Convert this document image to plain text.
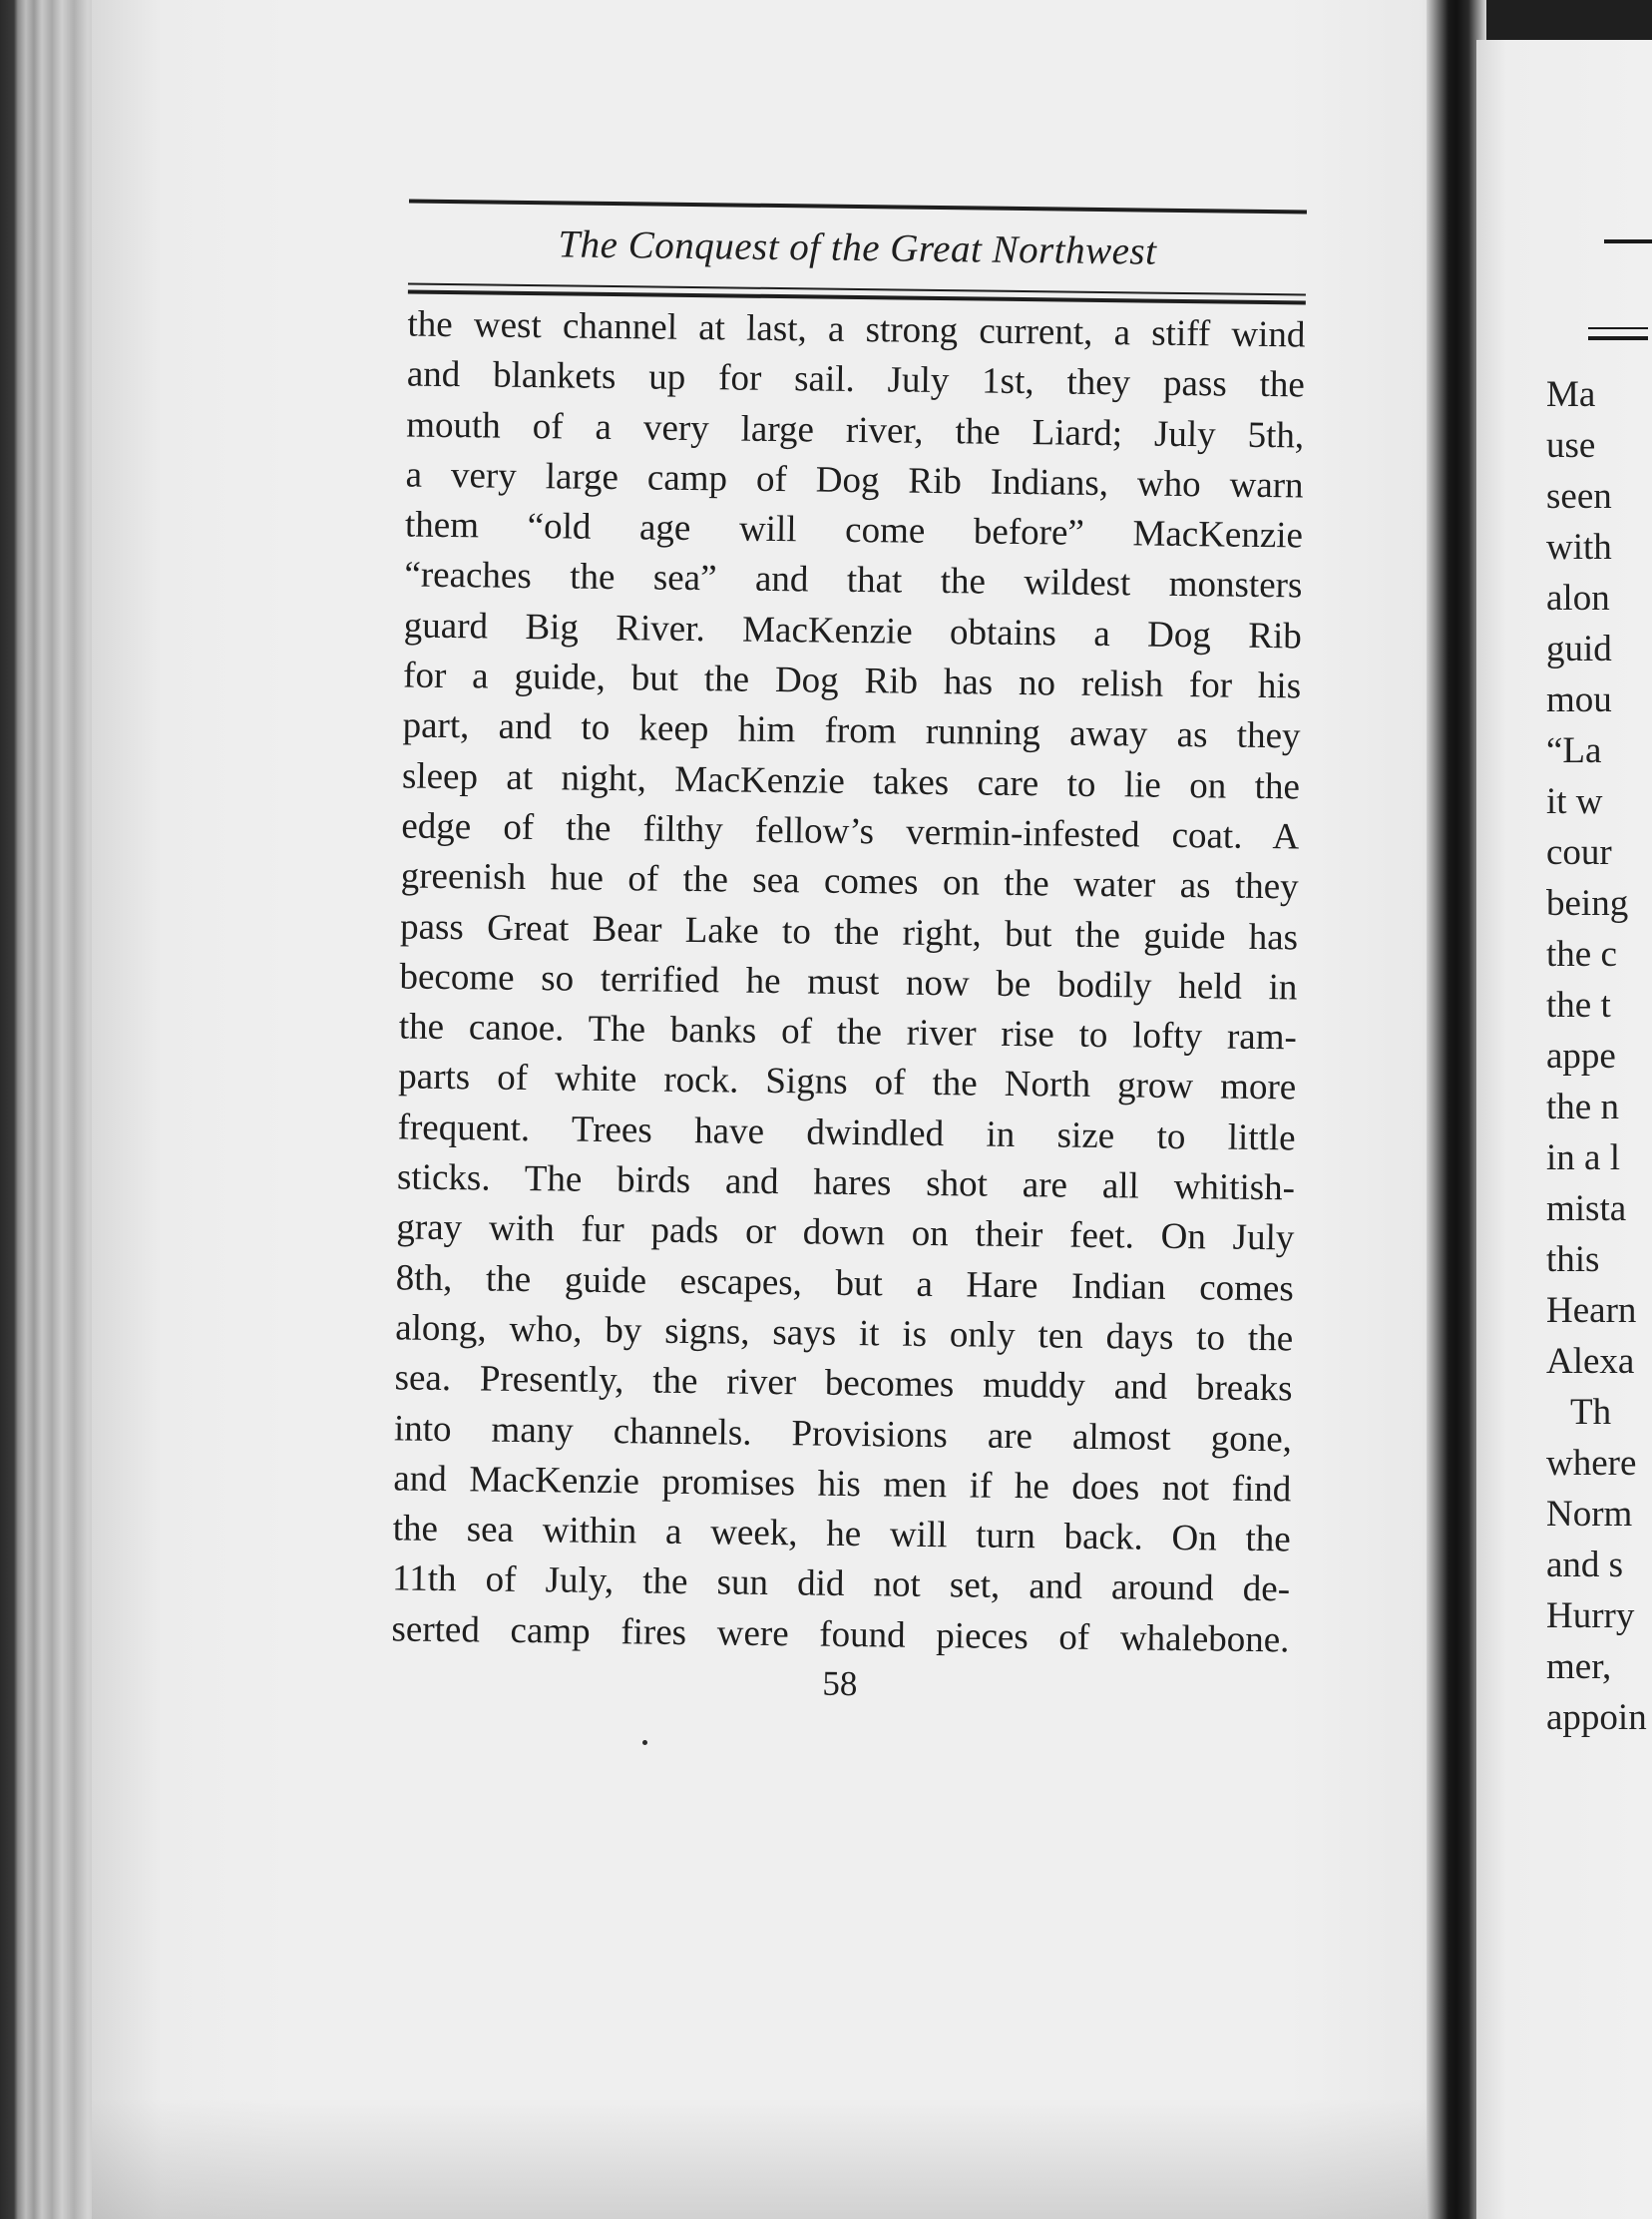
The Conquest of the Great Northwest
the west channel at last, a strong current, a stiff wind
and blankets up for sail. July 1st, they pass the
mouth of a very large river, the Liard; July 5th,
a very large camp of Dog Rib Indians, who warn
them “old age will come before” MacKenzie
“reaches the sea” and that the wildest monsters
guard Big River. MacKenzie obtains a Dog Rib
for a guide, but the Dog Rib has no relish for his
part, and to keep him from running away as they
sleep at night, MacKenzie takes care to lie on the
edge of the filthy fellow’s vermin-infested coat. A
greenish hue of the sea comes on the water as they
pass Great Bear Lake to the right, but the guide has
become so terrified he must now be bodily held in
the canoe. The banks of the river rise to lofty ram-
parts of white rock. Signs of the North grow more
frequent. Trees have dwindled in size to little
sticks. The birds and hares shot are all whitish-
gray with fur pads or down on their feet. On July
8th, the guide escapes, but a Hare Indian comes
along, who, by signs, says it is only ten days to the
sea. Presently, the river becomes muddy and breaks
into many channels. Provisions are almost gone,
and MacKenzie promises his men if he does not find
the sea within a week, he will turn back. On the
11th of July, the sun did not set, and around de-
serted camp fires were found pieces of whalebone.
58
Ma
use
seen
with
alon
guid
mou
“La
it w
cour
being
the c
the t
appe
the n
in a l
mista
this
Hearn
Alexa
Th
where
Norm
and s
Hurry
mer,
appoin
